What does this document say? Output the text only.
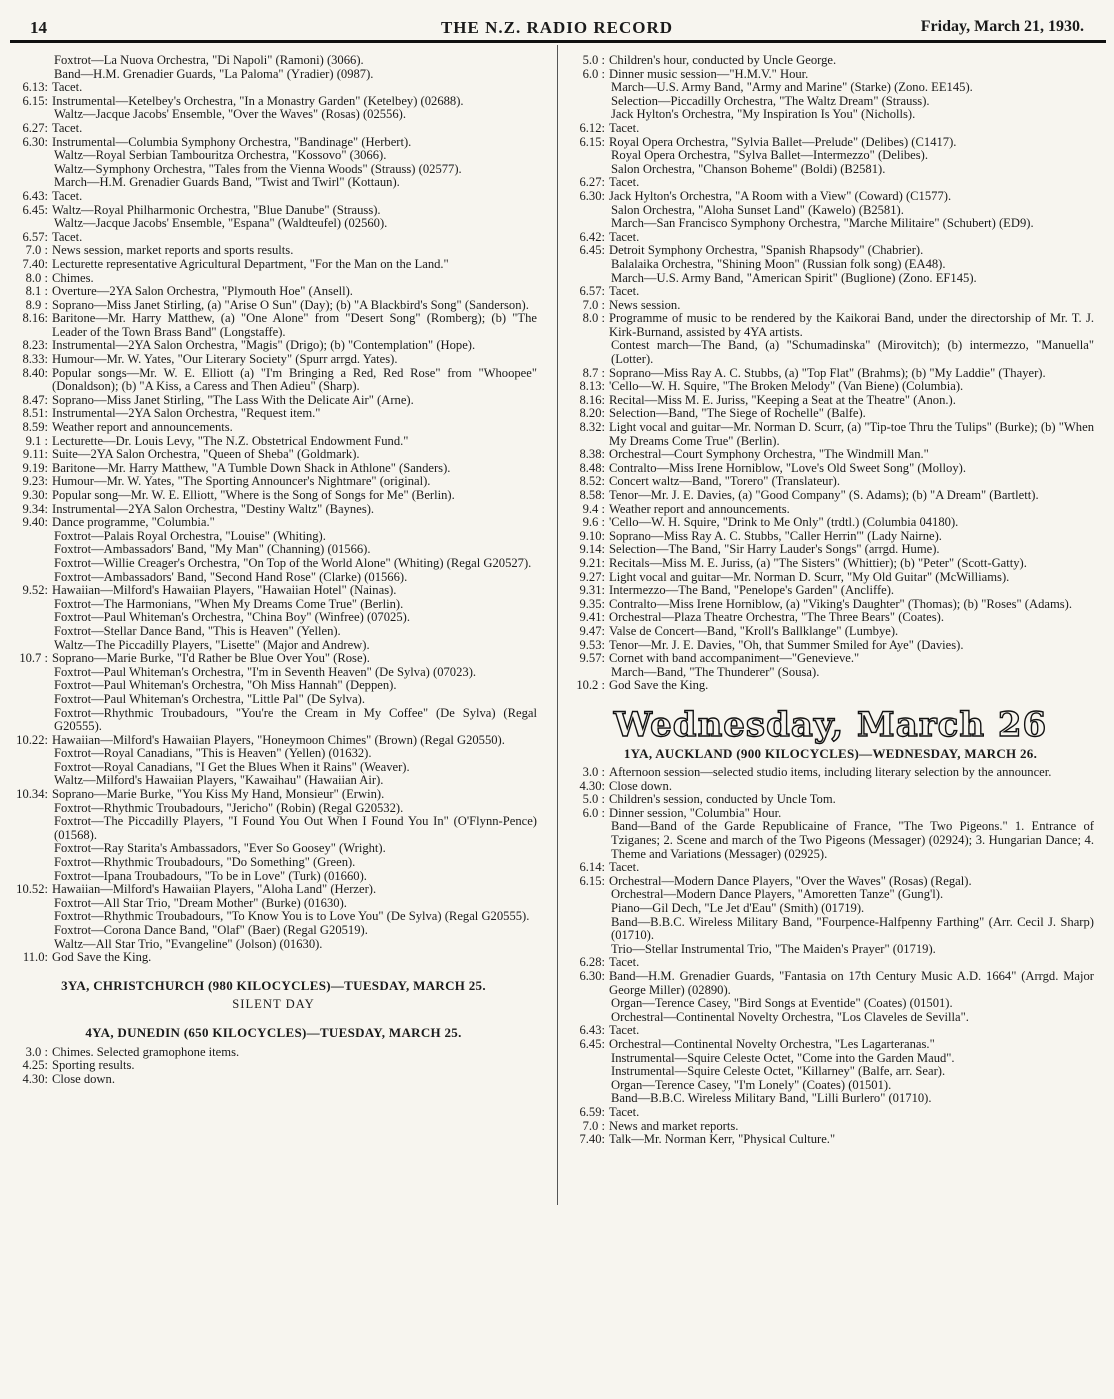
14	THE N.Z. RADIO RECORD	Friday, March 21, 1930.
Foxtrot—La Nuova Orchestra, "Di Napoli" (Ramoni) (3066).
Band—H.M. Grenadier Guards, "La Paloma" (Yradier) (0987).
6.13: Tacet.
6.15: Instrumental—Ketelbey's Orchestra, "In a Monastry Garden" (Ketelbey) (02688).
Waltz—Jacque Jacobs' Ensemble, "Over the Waves" (Rosas) (02556).
6.27: Tacet.
6.30: Instrumental—Columbia Symphony Orchestra, "Bandinage" (Herbert).
Waltz—Royal Serbian Tambouritza Orchestra, "Kossovo" (3066).
Waltz—Symphony Orchestra, "Tales from the Vienna Woods" (Strauss) (02577).
March—H.M. Grenadier Guards Band, "Twist and Twirl" (Kottaun).
6.43: Tacet.
6.45: Waltz—Royal Philharmonic Orchestra, "Blue Danube" (Strauss).
Waltz—Jacque Jacobs' Ensemble, "Espana" (Waldteufel) (02560).
6.57: Tacet.
7.0 : News session, market reports and sports results.
7.40: Lecturette representative Agricultural Department, "For the Man on the Land."
8.0 : Chimes.
8.1 : Overture—2YA Salon Orchestra, "Plymouth Hoe" (Ansell).
8.9 : Soprano—Miss Janet Stirling, (a) "Arise O Sun" (Day); (b) "A Blackbird's Song" (Sanderson).
8.16: Baritone—Mr. Harry Matthew, (a) "One Alone" from "Desert Song" (Romberg); (b) "The Leader of the Town Brass Band" (Longstaffe).
8.23: Instrumental—2YA Salon Orchestra, "Magis" (Drigo); (b) "Contemplation" (Hope).
8.33: Humour—Mr. W. Yates, "Our Literary Society" (Spurr arrgd. Yates).
8.40: Popular songs—Mr. W. E. Elliott (a) "I'm Bringing a Red, Red Rose" from "Whoopee" (Donaldson); (b) "A Kiss, a Caress and Then Adieu" (Sharp).
8.47: Soprano—Miss Janet Stirling, "The Lass With the Delicate Air" (Arne).
8.51: Instrumental—2YA Salon Orchestra, "Request item."
8.59: Weather report and announcements.
9.1 : Lecturette—Dr. Louis Levy, "The N.Z. Obstetrical Endowment Fund."
9.11: Suite—2YA Salon Orchestra, "Queen of Sheba" (Goldmark).
9.19: Baritone—Mr. Harry Matthew, "A Tumble Down Shack in Athlone" (Sanders).
9.23: Humour—Mr. W. Yates, "The Sporting Announcer's Nightmare" (original).
9.30: Popular song—Mr. W. E. Elliott, "Where is the Song of Songs for Me" (Berlin).
9.34: Instrumental—2YA Salon Orchestra, "Destiny Waltz" (Baynes).
9.40: Dance programme, "Columbia."
Foxtrot—Palais Royal Orchestra, "Louise" (Whiting).
Foxtrot—Ambassadors' Band, "My Man" (Channing) (01566).
Foxtrot—Willie Creager's Orchestra, "On Top of the World Alone" (Whiting) (Regal G20527).
Foxtrot—Ambassadors' Band, "Second Hand Rose" (Clarke) (01566).
9.52: Hawaiian—Milford's Hawaiian Players, "Hawaiian Hotel" (Nainas).
Foxtrot—The Harmonians, "When My Dreams Come True" (Berlin).
Foxtrot—Paul Whiteman's Orchestra, "China Boy" (Winfree) (07025).
Foxtrot—Stellar Dance Band, "This is Heaven" (Yellen).
Waltz—The Piccadilly Players, "Lisette" (Major and Andrew).
10.7 : Soprano—Marie Burke, "I'd Rather be Blue Over You" (Rose).
Foxtrot—Paul Whiteman's Orchestra, "I'm in Seventh Heaven" (De Sylva) (07023).
Foxtrot—Paul Whiteman's Orchestra, "Oh Miss Hannah" (Deppen).
Foxtrot—Paul Whiteman's Orchestra, "Little Pal" (De Sylva).
Foxtrot—Rhythmic Troubadours, "You're the Cream in My Coffee" (De Sylva) (Regal G20555).
10.22: Hawaiian—Milford's Hawaiian Players, "Honeymoon Chimes" (Brown) (Regal G20550).
Foxtrot—Royal Canadians, "This is Heaven" (Yellen) (01632).
Foxtrot—Royal Canadians, "I Get the Blues When it Rains" (Weaver).
Waltz—Milford's Hawaiian Players, "Kawaihau" (Hawaiian Air).
10.34: Soprano—Marie Burke, "You Kiss My Hand, Monsieur" (Erwin).
Foxtrot—Rhythmic Troubadours, "Jericho" (Robin) (Regal G20532).
Foxtrot—The Piccadilly Players, "I Found You Out When I Found You In" (O'Flynn-Pence) (01568).
Foxtrot—Ray Starita's Ambassadors, "Ever So Goosey" (Wright).
Foxtrot—Rhythmic Troubadours, "Do Something" (Green).
Foxtrot—Ipana Troubadours, "To be in Love" (Turk) (01660).
10.52: Hawaiian—Milford's Hawaiian Players, "Aloha Land" (Herzer).
Foxtrot—All Star Trio, "Dream Mother" (Burke) (01630).
Foxtrot—Rhythmic Troubadours, "To Know You is to Love You" (De Sylva) (Regal G20555).
Foxtrot—Corona Dance Band, "Olaf" (Baer) (Regal G20519).
Waltz—All Star Trio, "Evangeline" (Jolson) (01630).
11.0: God Save the King.
3YA, CHRISTCHURCH (980 KILOCYCLES)—TUESDAY, MARCH 25.
SILENT DAY
4YA, DUNEDIN (650 KILOCYCLES)—TUESDAY, MARCH 25.
3.0 : Chimes. Selected gramophone items.
4.25: Sporting results.
4.30: Close down.
5.0 : Children's hour, conducted by Uncle George.
6.0 : Dinner music session—"H.M.V." Hour.
March—U.S. Army Band, "Army and Marine" (Starke) (Zono. EE145).
Selection—Piccadilly Orchestra, "The Waltz Dream" (Strauss).
Jack Hylton's Orchestra, "My Inspiration Is You" (Nicholls).
6.12: Tacet.
6.15: Royal Opera Orchestra, "Sylvia Ballet—Prelude" (Delibes) (C1417).
Royal Opera Orchestra, "Sylva Ballet—Intermezzo" (Delibes).
Salon Orchestra, "Chanson Boheme" (Boldi) (B2581).
6.27: Tacet.
6.30: Jack Hylton's Orchestra, "A Room with a View" (Coward) (C1577).
Salon Orchestra, "Aloha Sunset Land" (Kawelo) (B2581).
March—San Francisco Symphony Orchestra, "Marche Militaire" (Schubert) (ED9).
6.42: Tacet.
6.45: Detroit Symphony Orchestra, "Spanish Rhapsody" (Chabrier).
Balalaika Orchestra, "Shining Moon" (Russian folk song) (EA48).
March—U.S. Army Band, "American Spirit" (Buglione) (Zono. EF145).
6.57: Tacet.
7.0 : News session.
8.0 : Programme of music to be rendered by the Kaikorai Band, under the directorship of Mr. T. J. Kirk-Burnand, assisted by 4YA artists.
Contest march—The Band, (a) "Schumadinska" (Mirovitch); (b) intermezzo, "Manuella" (Lotter).
8.7 : Soprano—Miss Ray A. C. Stubbs, (a) "Top Flat" (Brahms); (b) "My Laddie" (Thayer).
8.13: 'Cello—W. H. Squire, "The Broken Melody" (Van Biene) (Columbia).
8.16: Recital—Miss M. E. Juriss, "Keeping a Seat at the Theatre" (Anon.).
8.20: Selection—Band, "The Siege of Rochelle" (Balfe).
8.32: Light vocal and guitar—Mr. Norman D. Scurr, (a) "Tip-toe Thru the Tulips" (Burke); (b) "When My Dreams Come True" (Berlin).
8.38: Orchestral—Court Symphony Orchestra, "The Windmill Man."
8.48: Contralto—Miss Irene Horniblow, "Love's Old Sweet Song" (Molloy).
8.52: Concert waltz—Band, "Torero" (Translateur).
8.58: Tenor—Mr. J. E. Davies, (a) "Good Company" (S. Adams); (b) "A Dream" (Bartlett).
9.4 : Weather report and announcements.
9.6 : 'Cello—W. H. Squire, "Drink to Me Only" (trdtl.) (Columbia 04180).
9.10: Soprano—Miss Ray A. C. Stubbs, "Caller Herrin'" (Lady Nairne).
9.14: Selection—The Band, "Sir Harry Lauder's Songs" (arrgd. Hume).
9.21: Recitals—Miss M. E. Juriss, (a) "The Sisters" (Whittier); (b) "Peter" (Scott-Gatty).
9.27: Light vocal and guitar—Mr. Norman D. Scurr, "My Old Guitar" (McWilliams).
9.31: Intermezzo—The Band, "Penelope's Garden" (Ancliffe).
9.35: Contralto—Miss Irene Horniblow, (a) "Viking's Daughter" (Thomas); (b) "Roses" (Adams).
9.41: Orchestral—Plaza Theatre Orchestra, "The Three Bears" (Coates).
9.47: Valse de Concert—Band, "Kroll's Ballklange" (Lumbye).
9.53: Tenor—Mr. J. E. Davies, "Oh, that Summer Smiled for Aye" (Davies).
9.57: Cornet with band accompaniment—"Genevieve."
March—Band, "The Thunderer" (Sousa).
10.2 : God Save the King.
Wednesday, March 26
1YA, AUCKLAND (900 KILOCYCLES)—WEDNESDAY, MARCH 26.
3.0 : Afternoon session—selected studio items, including literary selection by the announcer.
4.30: Close down.
5.0 : Children's session, conducted by Uncle Tom.
6.0 : Dinner session, "Columbia" Hour.
Band—Band of the Garde Republicaine of France, "The Two Pigeons." 1. Entrance of Tziganes; 2. Scene and march of the Two Pigeons (Messager) (02924); 3. Hungarian Dance; 4. Theme and Variations (Messager) (02925).
6.14: Tacet.
6.15: Orchestral—Modern Dance Players, "Over the Waves" (Rosas) (Regal).
Orchestral—Modern Dance Players, "Amoretten Tanze" (Gung'l).
Piano—Gil Dech, "Le Jet d'Eau" (Smith) (01719).
Band—B.B.C. Wireless Military Band, "Fourpence-Halfpenny Farthing" (Arr. Cecil J. Sharp) (01710).
Trio—Stellar Instrumental Trio, "The Maiden's Prayer" (01719).
6.28: Tacet.
6.30: Band—H.M. Grenadier Guards, "Fantasia on 17th Century Music A.D. 1664" (Arrgd. Major George Miller) (02890).
Organ—Terence Casey, "Bird Songs at Eventide" (Coates) (01501).
Orchestral—Continental Novelty Orchestra, "Los Claveles de Sevilla".
6.43: Tacet.
6.45: Orchestral—Continental Novelty Orchestra, "Les Lagarteranas."
Instrumental—Squire Celeste Octet, "Come into the Garden Maud".
Instrumental—Squire Celeste Octet, "Killarney" (Balfe, arr. Sear).
Organ—Terence Casey, "I'm Lonely" (Coates) (01501).
Band—B.B.C. Wireless Military Band, "Lilli Burlero" (01710).
6.59: Tacet.
7.0 : News and market reports.
7.40: Talk—Mr. Norman Kerr, "Physical Culture."
